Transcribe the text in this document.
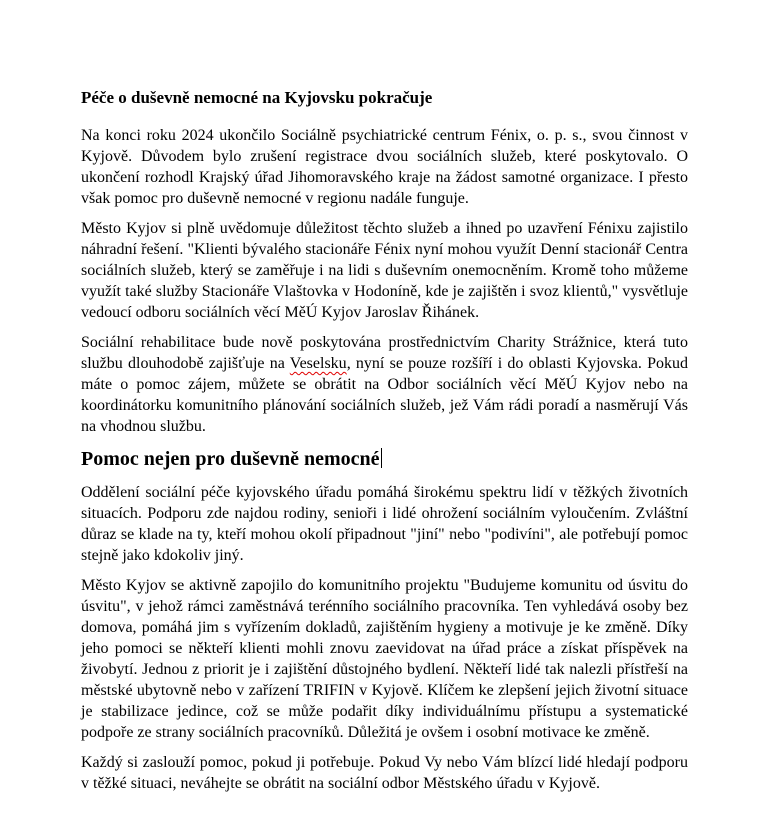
Péče o duševně nemocné na Kyjovsku pokračuje

Na konci roku 2024 ukončilo Sociálně psychiatrické centrum Fénix, o. p. s., svou činnost v Kyjově. Důvodem bylo zrušení registrace dvou sociálních služeb, které poskytovalo. O ukončení rozhodl Krajský úřad Jihomoravského kraje na žádost samotné organizace. I přesto však pomoc pro duševně nemocné v regionu nadále funguje.

Město Kyjov si plně uvědomuje důležitost těchto služeb a ihned po uzavření Fénixu zajistilo náhradní řešení. "Klienti bývalého stacionáře Fénix nyní mohou využít Denní stacionář Centra sociálních služeb, který se zaměřuje i na lidi s duševním onemocněním. Kromě toho můžeme využít také služby Stacionáře Vlaštovka v Hodoníně, kde je zajištěn i svoz klientů," vysvětluje vedoucí odboru sociálních věcí MěÚ Kyjov Jaroslav Řihánek.

Sociální rehabilitace bude nově poskytována prostřednictvím Charity Strážnice, která tuto službu dlouhodobě zajišťuje na Veselsku, nyní se pouze rozšíří i do oblasti Kyjovska. Pokud máte o pomoc zájem, můžete se obrátit na Odbor sociálních věcí MěÚ Kyjov nebo na koordinátorku komunitního plánování sociálních služeb, jež Vám rádi poradí a nasměrují Vás na vhodnou službu.

Pomoc nejen pro duševně nemocné

Oddělení sociální péče kyjovského úřadu pomáhá širokému spektru lidí v těžkých životních situacích. Podporu zde najdou rodiny, senioři i lidé ohrožení sociálním vyloučením. Zvláštní důraz se klade na ty, kteří mohou okolí připadnout "jiní" nebo "podivíni", ale potřebují pomoc stejně jako kdokoliv jiný.

Město Kyjov se aktivně zapojilo do komunitního projektu "Budujeme komunitu od úsvitu do úsvitu", v jehož rámci zaměstnává terénního sociálního pracovníka. Ten vyhledává osoby bez domova, pomáhá jim s vyřízením dokladů, zajištěním hygieny a motivuje je ke změně. Díky jeho pomoci se někteří klienti mohli znovu zaevidovat na úřad práce a získat příspěvek na živobytí. Jednou z priorit je i zajištění důstojného bydlení. Někteří lidé tak nalezli přístřeší na městské ubytovně nebo v zařízení TRIFIN v Kyjově. Klíčem ke zlepšení jejich životní situace je stabilizace jedince, což se může podařit díky individuálnímu přístupu a systematické podpoře ze strany sociálních pracovníků. Důležitá je ovšem i osobní motivace ke změně.

Každý si zaslouží pomoc, pokud ji potřebuje. Pokud Vy nebo Vám blízcí lidé hledají podporu v těžké situaci, neváhejte se obrátit na sociální odbor Městského úřadu v Kyjově.
